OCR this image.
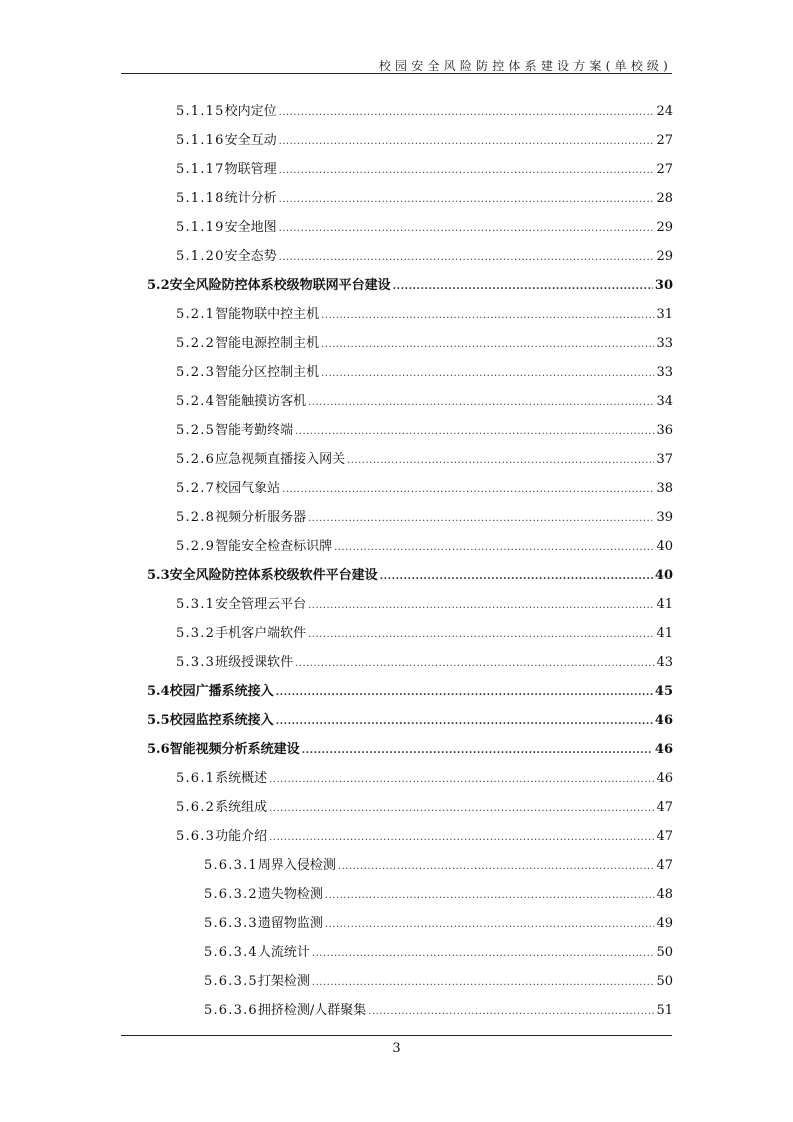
校园安全风险防控体系建设方案(单校级)
5.1.15 校内定位 .....	24
5.1.16 安全互动 .....	27
5.1.17 物联管理 .....	27
5.1.18 统计分析 .....	28
5.1.19 安全地图 .....	29
5.1.20 安全态势 .....	29
5.2 安全风险防控体系校级物联网平台建设 .....	30
5.2.1 智能物联中控主机 .....	31
5.2.2 智能电源控制主机 .....	33
5.2.3 智能分区控制主机 .....	33
5.2.4 智能触摸访客机 .....	34
5.2.5 智能考勤终端 .....	36
5.2.6 应急视频直播接入网关 .....	37
5.2.7 校园气象站 .....	38
5.2.8 视频分析服务器 .....	39
5.2.9 智能安全检查标识牌 .....	40
5.3 安全风险防控体系校级软件平台建设 .....	40
5.3.1 安全管理云平台 .....	41
5.3.2 手机客户端软件 .....	41
5.3.3 班级授课软件 .....	43
5.4 校园广播系统接入 .....	45
5.5 校园监控系统接入 .....	46
5.6 智能视频分析系统建设 .....	46
5.6.1 系统概述 .....	46
5.6.2 系统组成 .....	47
5.6.3 功能介绍 .....	47
5.6.3.1 周界入侵检测 .....	47
5.6.3.2 遗失物检测 .....	48
5.6.3.3 遗留物监测 .....	49
5.6.3.4 人流统计 .....	50
5.6.3.5 打架检测 .....	50
5.6.3.6 拥挤检测/人群聚集 .....	51
3
